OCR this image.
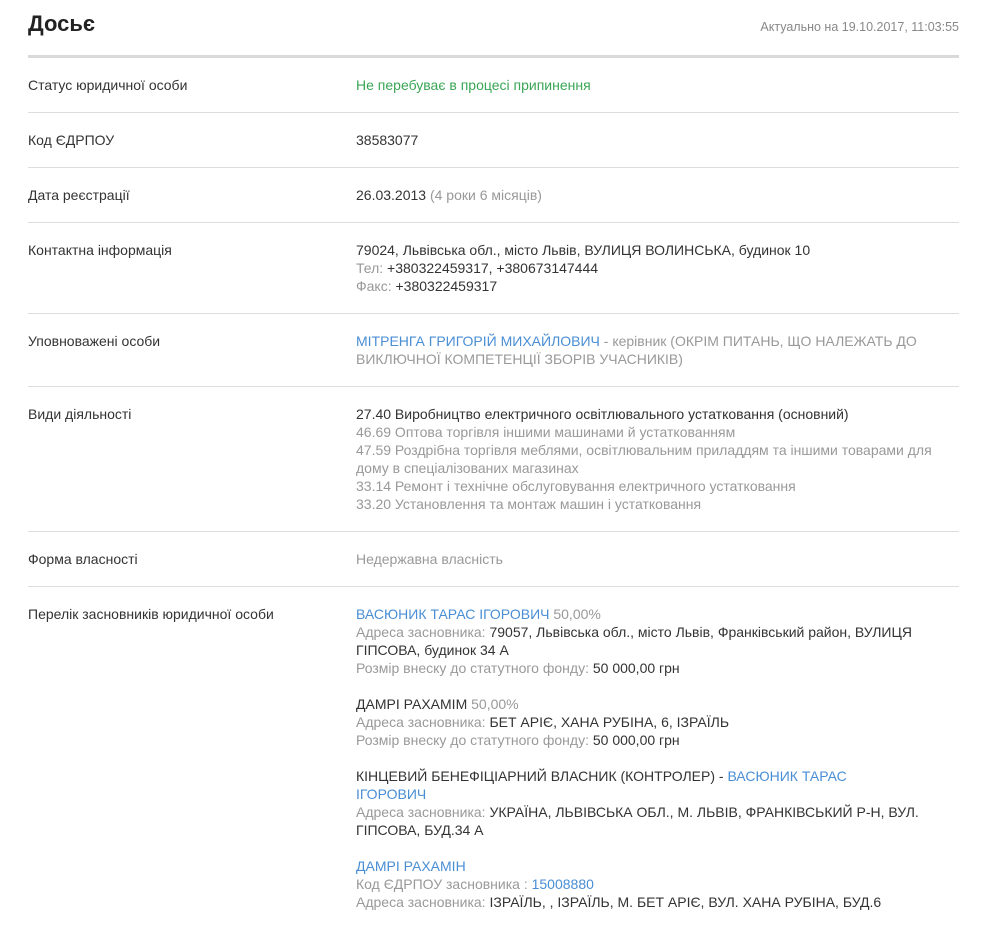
Досьє	Актуально на 19.10.2017, 11:03:55
Статус юридичної особи	Не перебуває в процесі припинення
Код ЄДРПОУ	38583077
Дата реєстрації	26.03.2013 (4 роки 6 місяців)
Контактна інформація	79024, Львівська обл., місто Львів, ВУЛИЦЯ ВОЛИНСЬКА, будинок 10
Тел: +380322459317, +380673147444
Факс: +380322459317
Уповноважені особи	МІТРЕНГА ГРИГОРІЙ МИХАЙЛОВИЧ - керівник (ОКРІМ ПИТАНЬ, ЩО НАЛЕЖАТЬ ДО
ВИКЛЮЧНОЇ КОМПЕТЕНЦІЇ ЗБОРІВ УЧАСНИКІВ)
Види діяльності	27.40 Виробництво електричного освітлювального устатковання (основний)
46.69 Оптова торгівля іншими машинами й устаткованням
47.59 Роздрібна торгівля меблями, освітлювальним приладдям та іншими товарами для
дому в спеціалізованих магазинах
33.14 Ремонт і технічне обслуговування електричного устатковання
33.20 Установлення та монтаж машин і устатковання
Форма власності	Недержавна власність
Перелік засновників юридичної особи	ВАСЮНИК ТАРАС ІГОРОВИЧ 50,00%
Адреса засновника: 79057, Львівська обл., місто Львів, Франківський район, ВУЛИЦЯ
ГІПСОВА, будинок 34 А
Розмір внеску до статутного фонду: 50 000,00 грн
ДАМРІ РАХАМІМ 50,00%
Адреса засновника: БЕТ АРІЄ, ХАНА РУБІНА, 6, ІЗРАЇЛЬ
Розмір внеску до статутного фонду: 50 000,00 грн
КІНЦЕВИЙ БЕНЕФІЦІАРНИЙ ВЛАСНИК (КОНТРОЛЕР) - ВАСЮНИК ТАРАС
ІГОРОВИЧ
Адреса засновника: УКРАЇНА, ЛЬВІВСЬКА ОБЛ., М. ЛЬВІВ, ФРАНКІВСЬКИЙ Р-Н, ВУЛ.
ГІПСОВА, БУД.34 А
ДАМРІ РАХАМІН
Код ЄДРПОУ засновника : 15008880
Адреса засновника: ІЗРАЇЛЬ, , ІЗРАЇЛЬ, М. БЕТ АРІЄ, ВУЛ. ХАНА РУБІНА, БУД.6
